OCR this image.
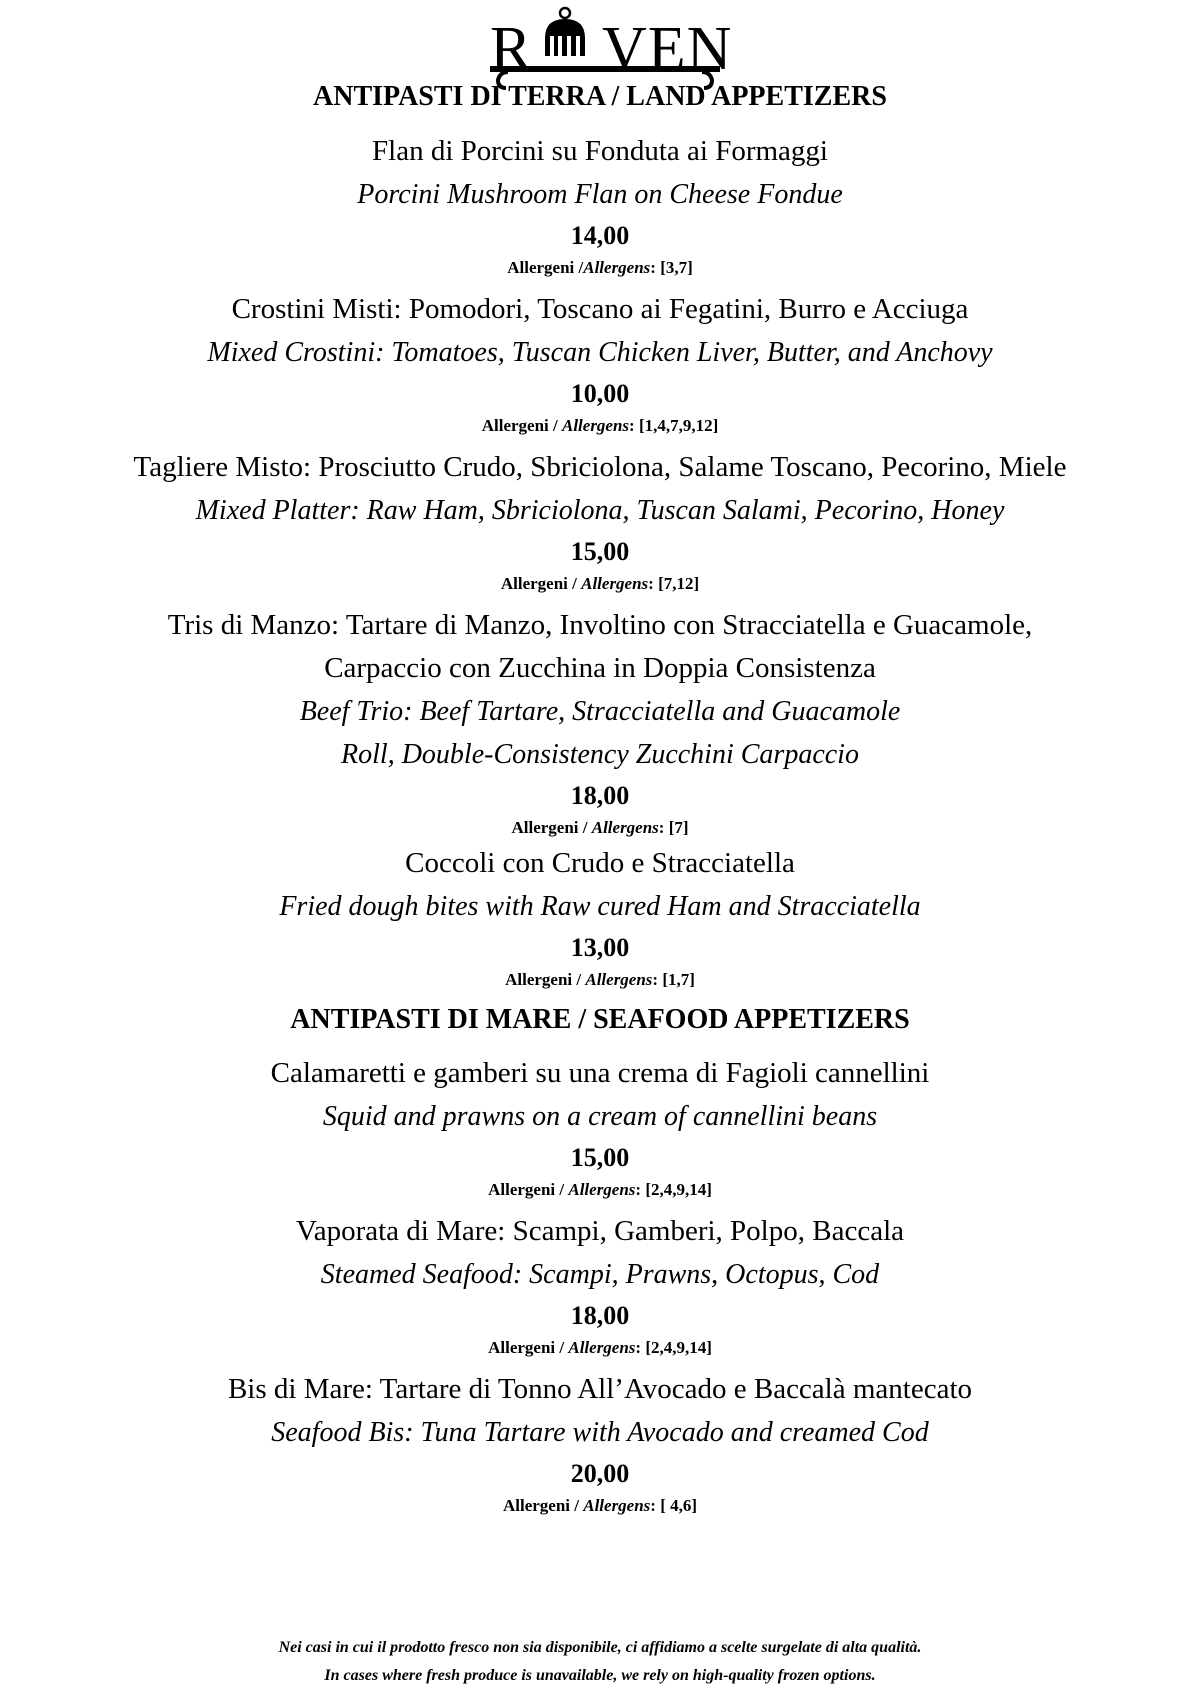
R VEN
ANTIPASTI DI TERRA / LAND APPETIZERS

Flan di Porcini su Fonduta ai Formaggi

Porcini Mushroom Flan on Cheese Fondue

14,00

Allergeni /Allergens: [3,7]

Crostini Misti: Pomodori, Toscano ai Fegatini, Burro e Acciuga

Mixed Crostini: Tomatoes, Tuscan Chicken Liver, Butter, and Anchovy

10,00

Allergeni / Allergens: [1,4,7,9,12]

Tagliere Misto: Prosciutto Crudo, Sbriciolona, Salame Toscano, Pecorino, Miele

Mixed Platter: Raw Ham, Sbriciolona, Tuscan Salami, Pecorino, Honey

15,00

Allergeni / Allergens: [7,12]

Tris di Manzo: Tartare di Manzo, Involtino con Stracciatella e Guacamole,

Carpaccio con Zucchina in Doppia Consistenza

Beef Trio: Beef Tartare, Stracciatella and Guacamole

Roll, Double-Consistency Zucchini Carpaccio

18,00

Allergeni / Allergens: [7]

Coccoli con Crudo e Stracciatella

Fried dough bites with Raw cured Ham and Stracciatella

13,00

Allergeni / Allergens: [1,7]

ANTIPASTI DI MARE / SEAFOOD APPETIZERS

Calamaretti e gamberi su una crema di Fagioli cannellini

Squid and prawns on a cream of cannellini beans

15,00

Allergeni / Allergens: [2,4,9,14]

Vaporata di Mare: Scampi, Gamberi, Polpo, Baccala

Steamed Seafood: Scampi, Prawns, Octopus, Cod

18,00

Allergeni / Allergens: [2,4,9,14]

Bis di Mare: Tartare di Tonno All’Avocado e Baccalà mantecato

Seafood Bis: Tuna Tartare with Avocado and creamed Cod

20,00

Allergeni / Allergens: [ 4,6]

Nei casi in cui il prodotto fresco non sia disponibile, ci affidiamo a scelte surgelate di alta qualità.
In cases where fresh produce is unavailable, we rely on high-quality frozen options.
